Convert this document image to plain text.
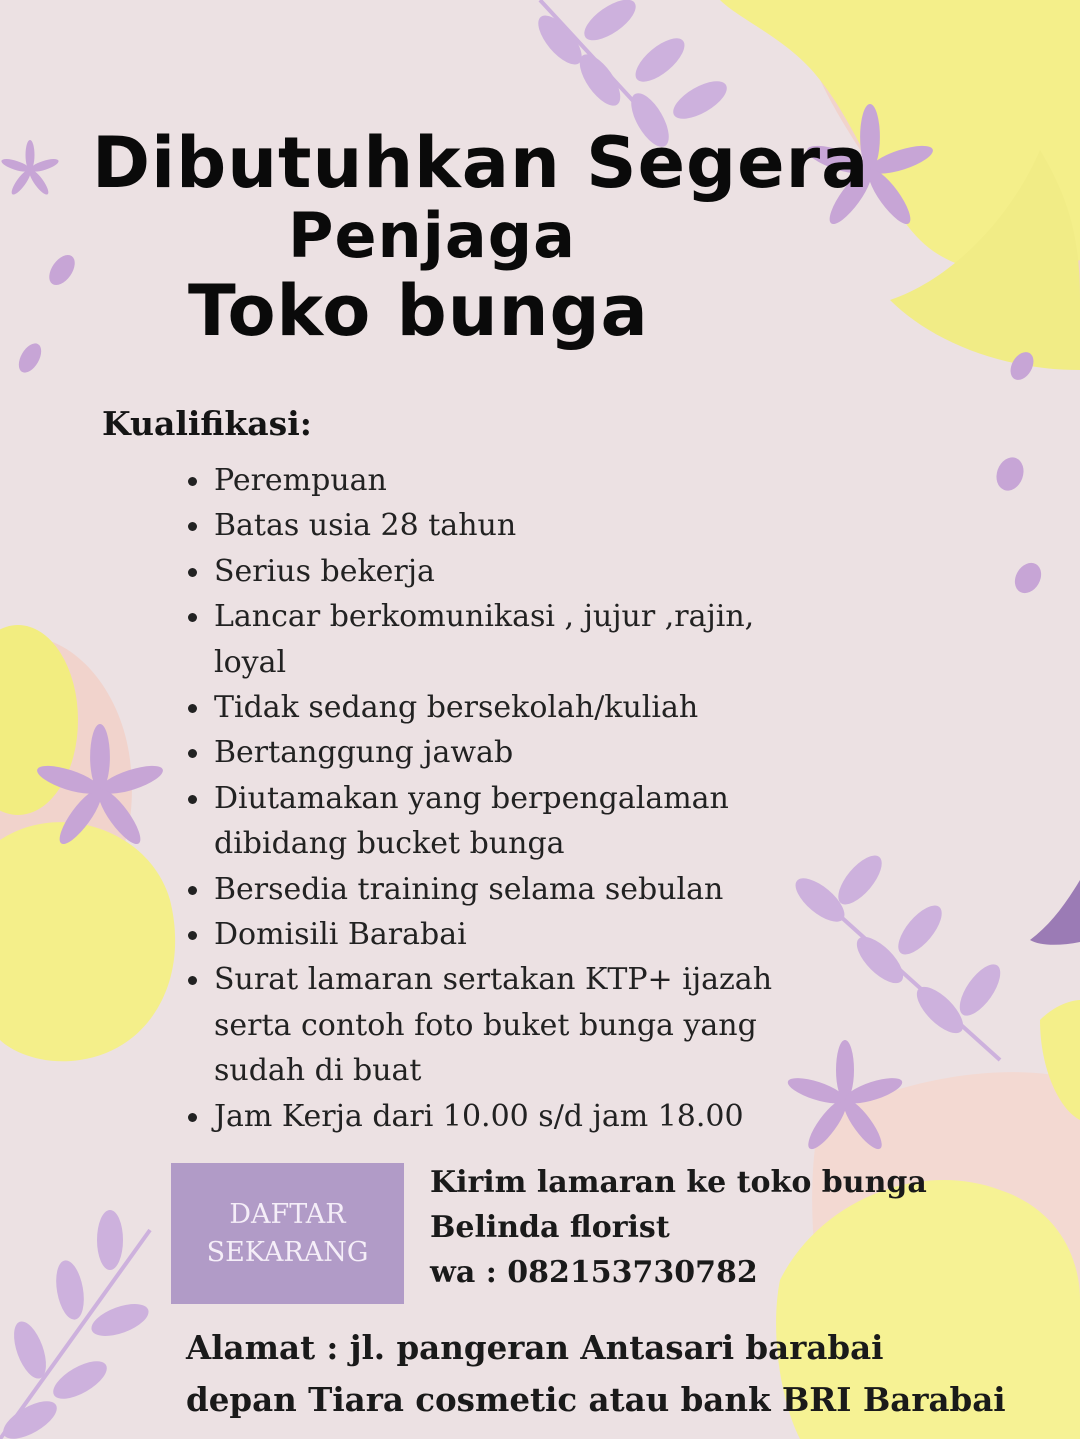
Dibutuhkan Segera
Penjaga
Toko bunga
Kualifikasi:
Perempuan
Batas usia 28 tahun
Serius bekerja
Lancar berkomunikasi , jujur ,rajin, loyal
Tidak sedang bersekolah/kuliah
Bertanggung jawab
Diutamakan yang berpengalaman dibidang bucket bunga
Bersedia training selama sebulan
Domisili Barabai
Surat lamaran sertakan KTP+ ijazah serta contoh foto buket bunga yang sudah di buat
Jam Kerja dari 10.00 s/d jam 18.00
DAFTAR
SEKARANG

Kirim lamaran ke toko bunga
Belinda florist
wa : 082153730782

Alamat : jl. pangeran Antasari barabai
depan Tiara cosmetic atau bank BRI Barabai
